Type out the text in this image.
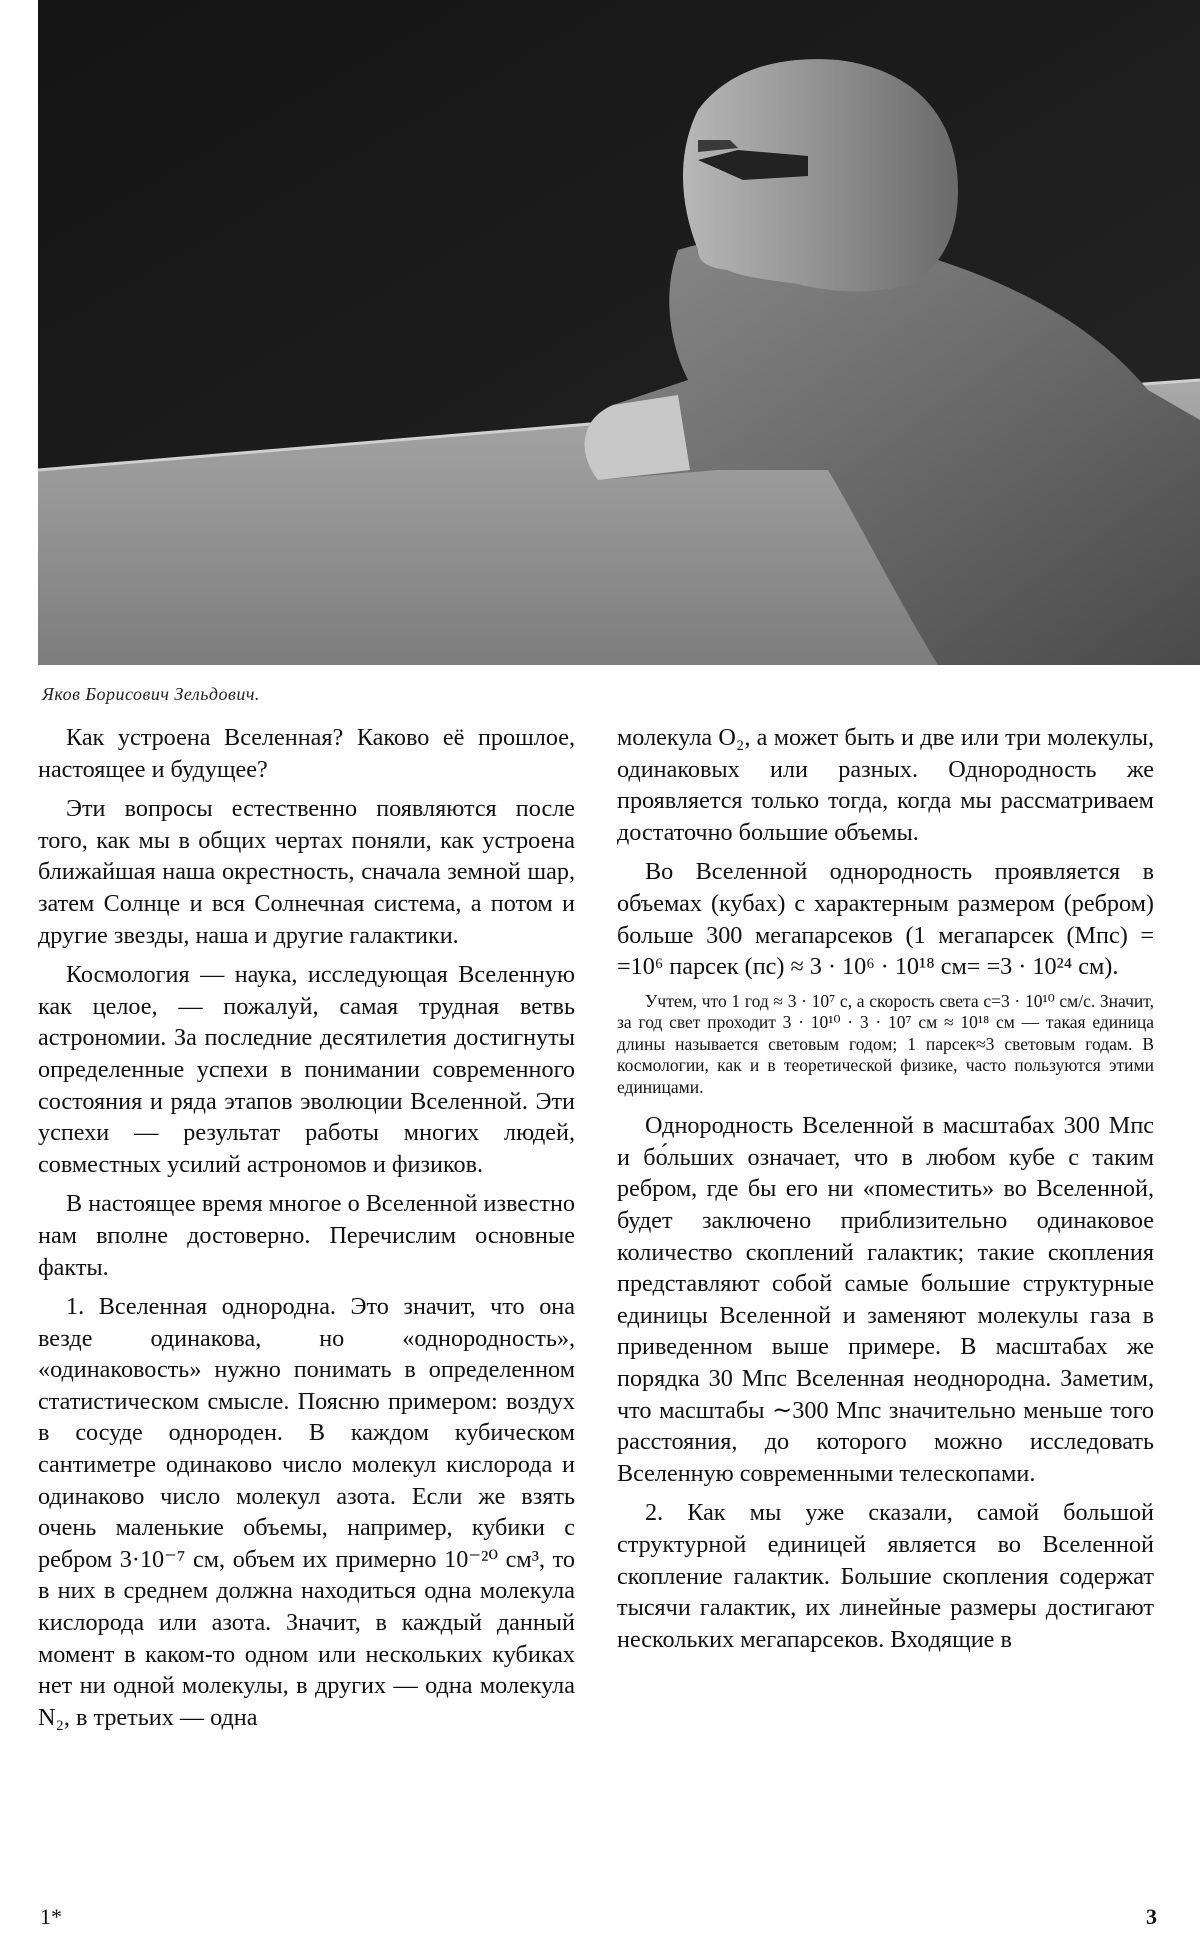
Яков Борисович Зельдович.

Как устроена Вселенная? Каково её прошлое, настоящее и будущее?

Эти вопросы естественно появляются после того, как мы в общих чертах поняли, как устроена ближайшая наша окрестность, сначала земной шар, затем Солнце и вся Солнечная система, а потом и другие звезды, наша и другие галактики.

Космология — наука, исследующая Вселенную как целое, — пожалуй, самая трудная ветвь астрономии. За последние десятилетия достигнуты определенные успехи в понимании современного состояния и ряда этапов эволюции Вселенной. Эти успехи — результат работы многих людей, совместных усилий астрономов и физиков.

В настоящее время многое о Вселенной известно нам вполне достоверно. Перечислим основные факты.

1. Вселенная однородна. Это значит, что она везде одинакова, но «однородность», «одинаковость» нужно понимать в определенном статистическом смысле. Поясню примером: воздух в сосуде однороден. В каждом кубическом сантиметре одинаково число молекул кислорода и одинаково число молекул азота. Если же взять очень маленькие объемы, например, кубики с ребром 3·10⁻⁷ см, объем их примерно 10⁻²⁰ см³, то в них в среднем должна находиться одна молекула кислорода или азота. Значит, в каждый данный момент в каком-то одном или нескольких кубиках нет ни одной молекулы, в других — одна молекула N₂, в третьих — одна

молекула O₂, а может быть и две или три молекулы, одинаковых или разных. Однородность же проявляется только тогда, когда мы рассматриваем достаточно большие объемы.

Во Вселенной однородность проявляется в объемах (кубах) с характерным размером (ребром) больше 300 мегапарсеков (1 мегапарсек (Мпс) = =10⁶ парсек (пс) ≈ 3 · 10⁶ · 10¹⁸ см= =3 · 10²⁴ см).

Учтем, что 1 год ≈ 3 · 10⁷ с, а скорость света c=3 · 10¹⁰ см/с. Значит, за год свет проходит 3 · 10¹⁰ · 3 · 10⁷ см ≈ 10¹⁸ см — такая единица длины называется световым годом; 1 парсек≈3 световым годам. В космологии, как и в теоретической физике, часто пользуются этими единицами.

Однородность Вселенной в масштабах 300 Мпс и бо́льших означает, что в любом кубе с таким ребром, где бы его ни «поместить» во Вселенной, будет заключено приблизительно одинаковое количество скоплений галактик; такие скопления представляют собой самые большие структурные единицы Вселенной и заменяют молекулы газа в приведенном выше примере. В масштабах же порядка 30 Мпс Вселенная неоднородна. Заметим, что масштабы ∼300 Мпс значительно меньше того расстояния, до которого можно исследовать Вселенную современными телескопами.

2. Как мы уже сказали, самой большой структурной единицей является во Вселенной скопление галактик. Большие скопления содержат тысячи галактик, их линейные размеры достигают нескольких мегапарсеков. Входящие в

1*	3
